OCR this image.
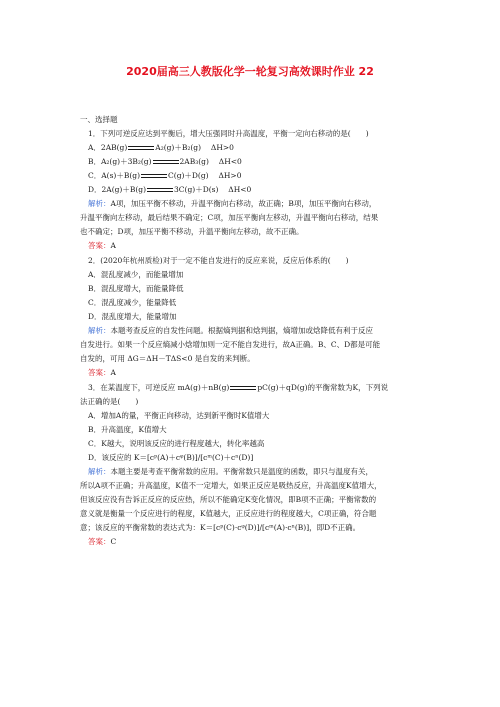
2020届高三人教版化学一轮复习高效课时作业 22
一、选择题
1．下列可逆反应达到平衡后，增大压强同时升高温度，平衡一定向右移动的是(　　)
A．2AB(g)	A₂(g)＋B₂(g)　 ΔH>0
B．A₂(g)＋3B₂(g)	2AB₃(g)　 ΔH<0
C．A(s)＋B(g)	C(g)＋D(g)　 ΔH>0
D．2A(g)＋B(g)	3C(g)＋D(s)　 ΔH<0
解析：A项，加压平衡不移动，升温平衡向右移动，故正确；B项，加压平衡向右移动，
升温平衡向左移动，最后结果不确定；C项，加压平衡向左移动，升温平衡向右移动，结果
也不确定；D项，加压平衡不移动，升温平衡向左移动，故不正确。
答案：A
2．(2020年杭州质检)对于一定不能自发进行的反应来说，反应后体系的(　　)
A．混乱度减少，而能量增加
B．混乱度增大，而能量降低
C．混乱度减少，能量降低
D．混乱度增大，能量增加
解析：本题考查反应的自发性问题。根据熵判据和焓判据，熵增加或焓降低有利于反应
自发进行。如果一个反应熵减小焓增加则一定不能自发进行，故A正确。B、C、D都是可能
自发的，可用 ΔG＝ΔH－TΔS<0 是自发的来判断。
答案：A
3．在某温度下，可逆反应 mA(g)＋nB(g)	pC(g)＋qD(g)的平衡常数为K，下列说
法正确的是(　　)
A．增加A的量，平衡正向移动，达到新平衡时K值增大
B．升高温度，K值增大
C．K越大，说明该反应的进行程度越大，转化率越高
D．该反应的 K＝[cᵖ(A)＋cᵠ(B)]/[cᵐ(C)＋cⁿ(D)]
解析：本题主要是考查平衡常数的应用。平衡常数只是温度的函数，即只与温度有关，
所以A项不正确；升高温度，K值不一定增大，如果正反应是吸热反应，升高温度K值增大，
但该反应没有告诉正反应的反应热，所以不能确定K变化情况，即B项不正确；平衡常数的
意义就是衡量一个反应进行的程度，K值越大，正反应进行的程度越大，C项正确，符合题
意；该反应的平衡常数的表达式为：K＝[cᵖ(C)·cᵠ(D)]/[cᵐ(A)·cⁿ(B)]，即D不正确。
答案：C
